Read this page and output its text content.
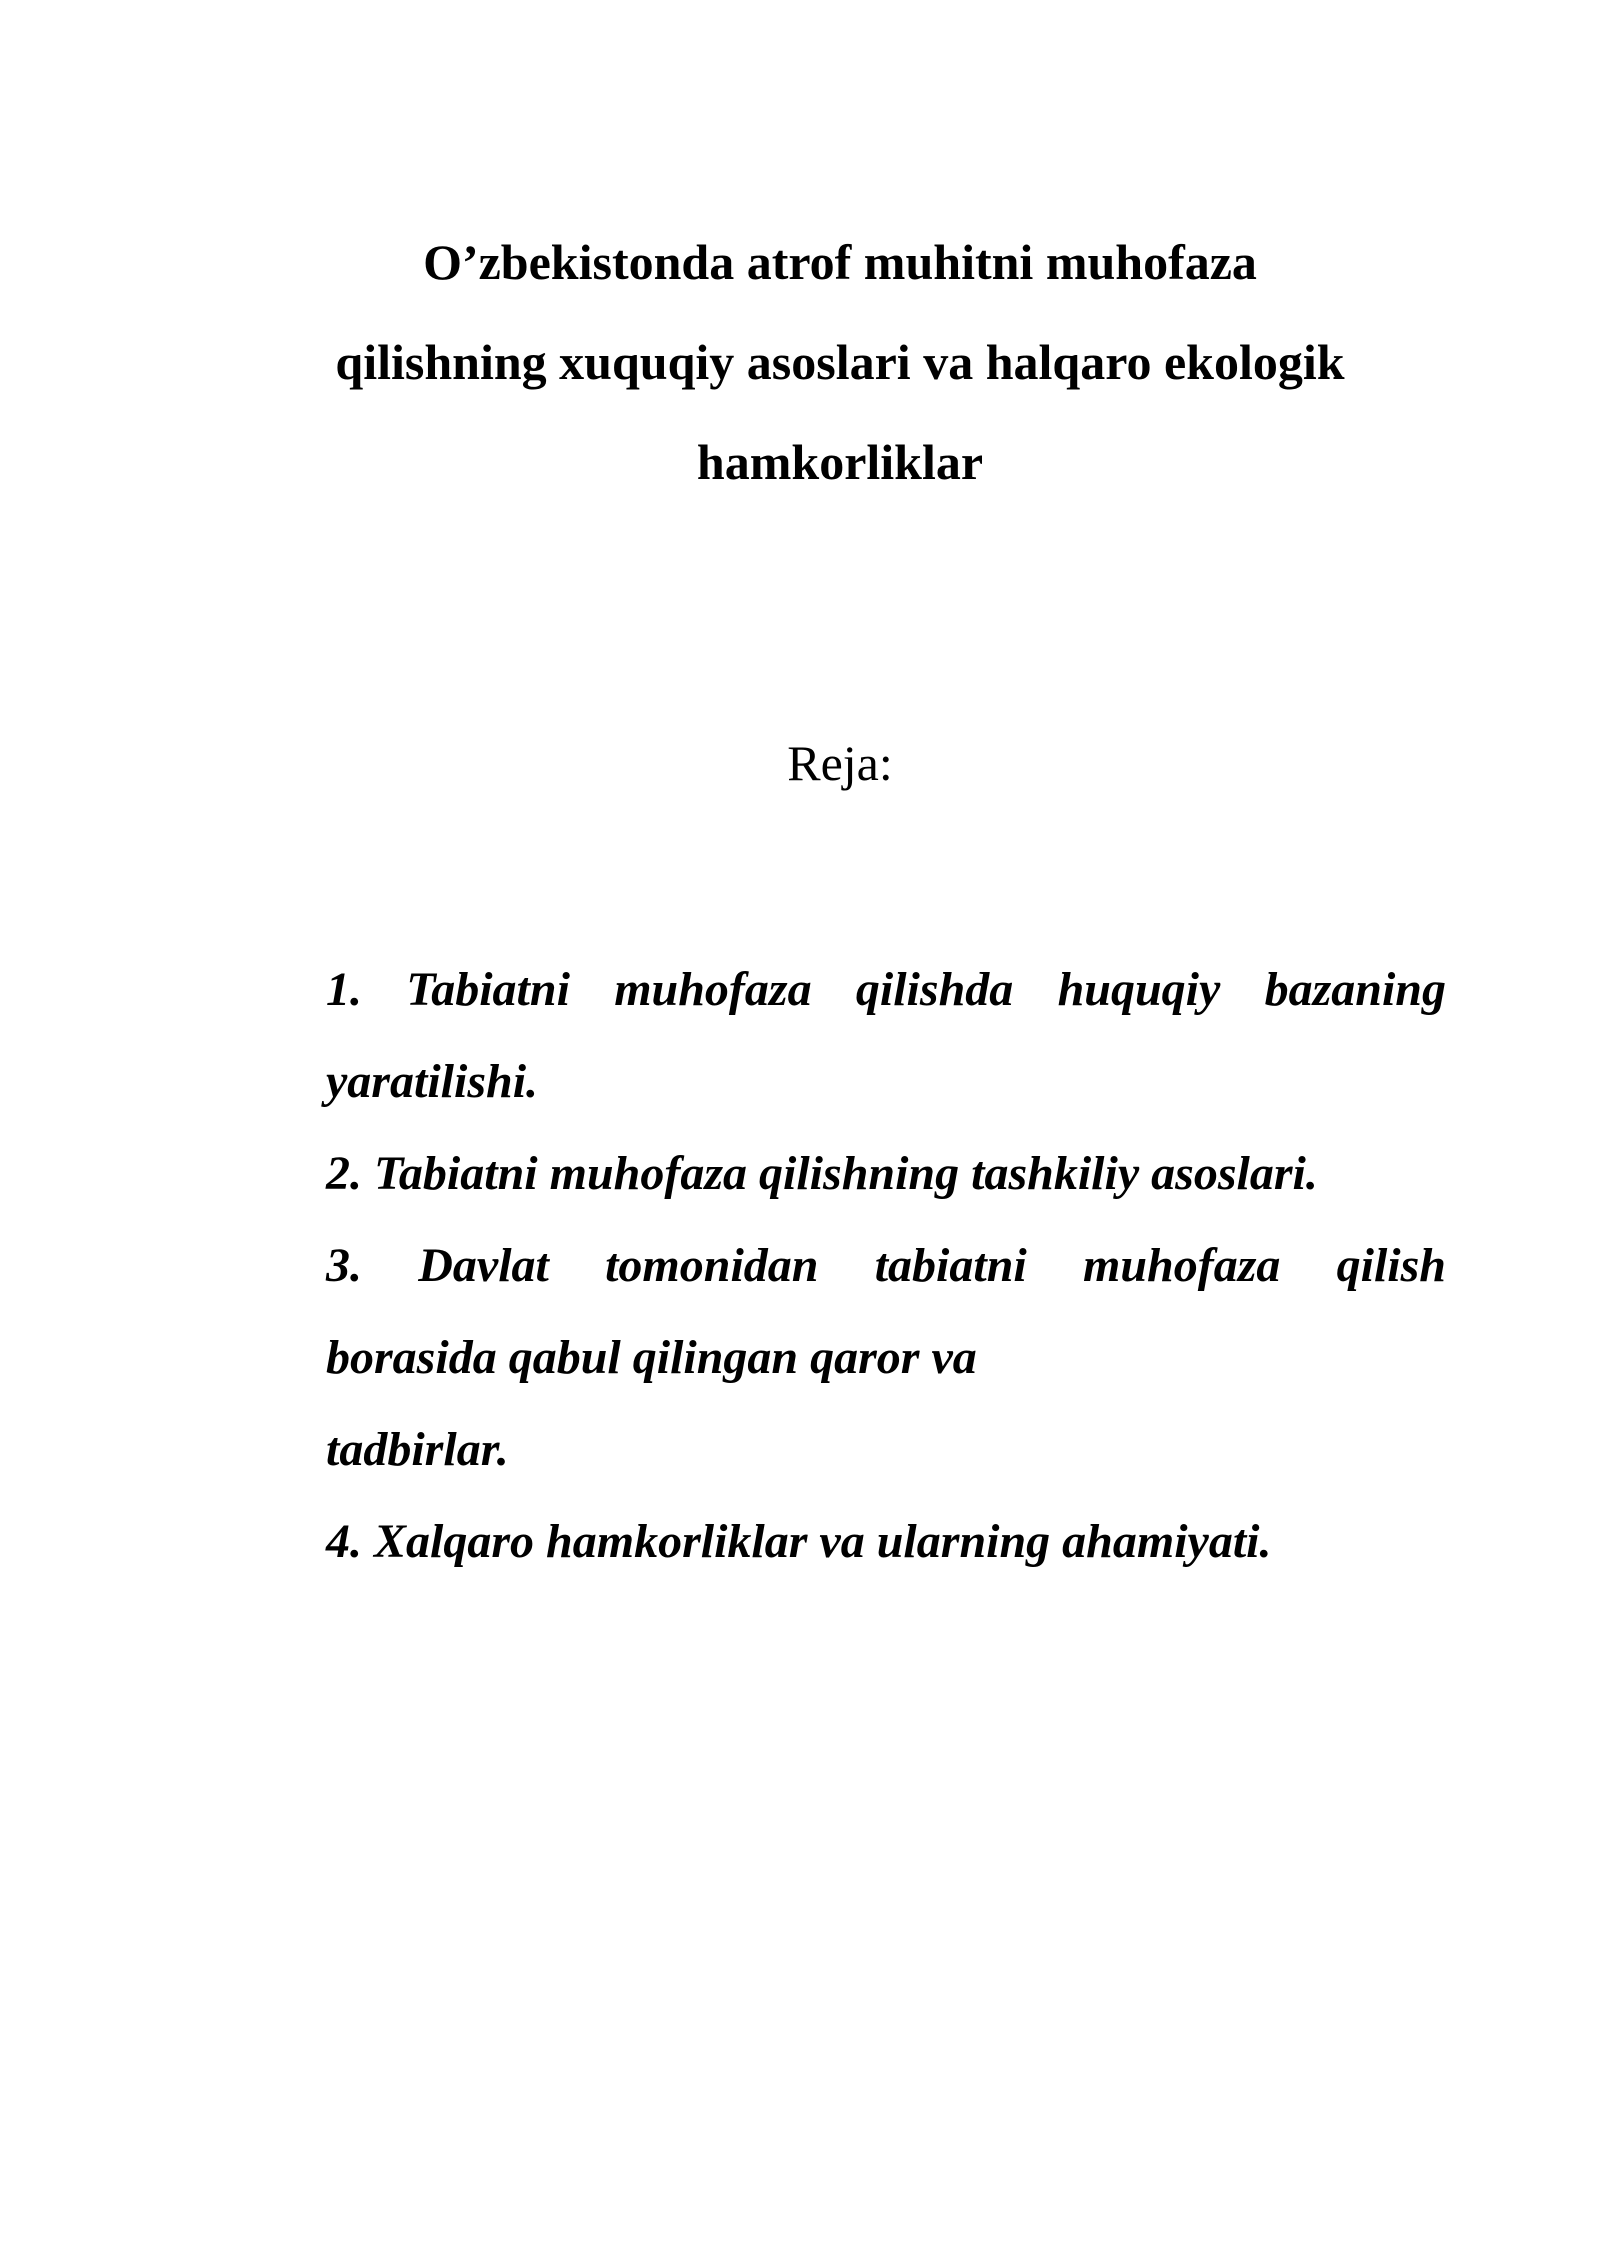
O’zbekistonda atrof muhitni muhofaza
qilishning xuquqiy asoslari va halqaro ekologik
hamkorliklar
Reja:
1. Tabiatni muhofaza qilishda huquqiy bazaning
yaratilishi.
2. Tabiatni muhofaza qilishning tashkiliy asoslari.
3. Davlat tomonidan tabiatni muhofaza qilish
borasida qabul qilingan qaror va
tadbirlar.
4. Xalqaro hamkorliklar va ularning ahamiyati.
